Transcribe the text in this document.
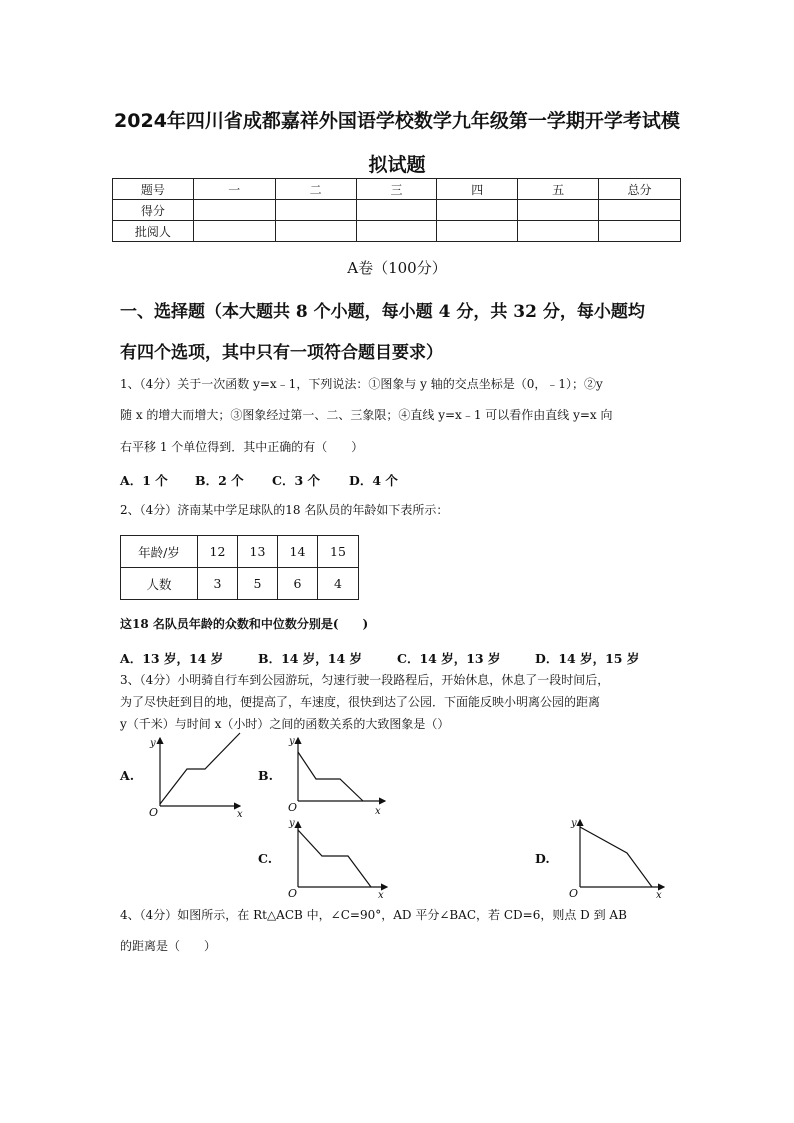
2024年四川省成都嘉祥外国语学校数学九年级第一学期开学考试模
拟试题
题号	一	二	三	四	五	总分
得分						
批阅人						
A卷（100分）
一、选择题（本大题共 8 个小题，每小题 4 分，共 32 分，每小题均
有四个选项，其中只有一项符合题目要求）
1、（4分）关于一次函数 y=x﹣1，下列说法：①图象与 y 轴的交点坐标是（0，﹣1）；②y
随 x 的增大而增大；③图象经过第一、二、三象限；④直线 y=x﹣1 可以看作由直线 y=x 向
右平移 1 个单位得到．其中正确的有（　　）
A．1 个 B．2 个 C．3 个 D．4 个
2、（4分）济南某中学足球队的18 名队员的年龄如下表所示：
年龄/岁	12	13	14	15
人数	3	5	6	4
这18 名队员年龄的众数和中位数分别是(　　)
A．13 岁，14 岁	B．14 岁，14 岁	C．14 岁，13 岁	D．14 岁，15 岁
3、（4分）小明骑自行车到公园游玩，匀速行驶一段路程后，开始休息，休息了一段时间后，
为了尽快赶到目的地，便提高了，车速度，很快到达了公园．下面能反映小明离公园的距离
y（千米）与时间 x（小时）之间的函数关系的大致图象是（）
A.	B.
C.	D.
y
x
O
y
x
O
y
x
O
y
x
O
4、（4分）如图所示，在 Rt△ACB 中，∠C=90°，AD 平分∠BAC，若 CD=6，则点 D 到 AB
的距离是（　　）
